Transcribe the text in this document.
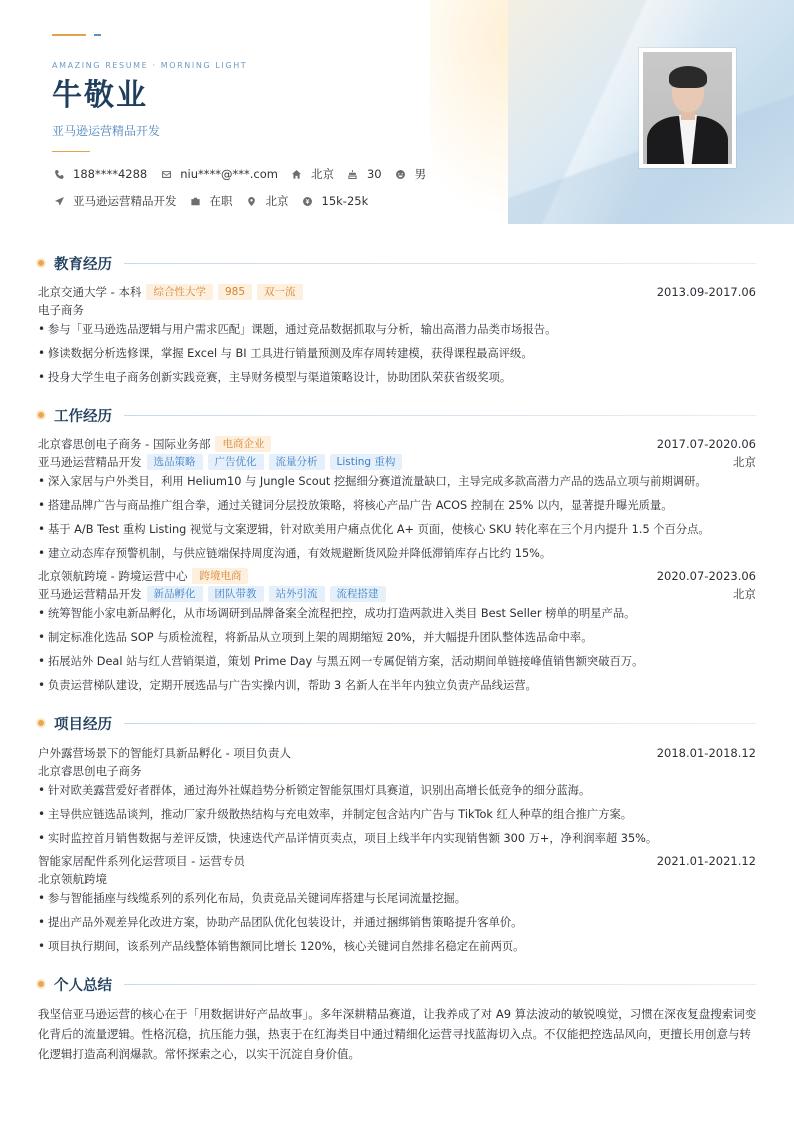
AMAZING RESUME · MORNING LIGHT
牛敬业
亚马逊运营精品开发
188****4288	niu****@***.com	北京	30	男
亚马逊运营精品开发	在职	北京	15k-25k
教育经历
北京交通大学 - 本科	综合性大学	985	双一流	2013.09-2017.06
电子商务
• 参与「亚马逊选品逻辑与用户需求匹配」课题，通过竞品数据抓取与分析，输出高潜力品类市场报告。
• 修读数据分析选修课，掌握 Excel 与 BI 工具进行销量预测及库存周转建模，获得课程最高评级。
• 投身大学生电子商务创新实践竞赛，主导财务模型与渠道策略设计，协助团队荣获省级奖项。
工作经历
北京睿思创电子商务 - 国际业务部	电商企业	2017.07-2020.06
亚马逊运营精品开发	选品策略	广告优化	流量分析	Listing 重构	北京
• 深入家居与户外类目，利用 Helium10 与 Jungle Scout 挖掘细分赛道流量缺口，主导完成多款高潜力产品的选品立项与前期调研。
• 搭建品牌广告与商品推广组合拳，通过关键词分层投放策略，将核心产品广告 ACOS 控制在 25% 以内，显著提升曝光质量。
• 基于 A/B Test 重构 Listing 视觉与文案逻辑，针对欧美用户痛点优化 A+ 页面，使核心 SKU 转化率在三个月内提升 1.5 个百分点。
• 建立动态库存预警机制，与供应链端保持周度沟通，有效规避断货风险并降低滞销库存占比约 15%。
北京领航跨境 - 跨境运营中心	跨境电商	2020.07-2023.06
亚马逊运营精品开发	新品孵化	团队带教	站外引流	流程搭建	北京
• 统筹智能小家电新品孵化，从市场调研到品牌备案全流程把控，成功打造两款进入类目 Best Seller 榜单的明星产品。
• 制定标准化选品 SOP 与质检流程，将新品从立项到上架的周期缩短 20%，并大幅提升团队整体选品命中率。
• 拓展站外 Deal 站与红人营销渠道，策划 Prime Day 与黑五网一专属促销方案，活动期间单链接峰值销售额突破百万。
• 负责运营梯队建设，定期开展选品与广告实操内训，帮助 3 名新人在半年内独立负责产品线运营。
项目经历
户外露营场景下的智能灯具新品孵化 - 项目负责人	2018.01-2018.12
北京睿思创电子商务
• 针对欧美露营爱好者群体，通过海外社媒趋势分析锁定智能氛围灯具赛道，识别出高增长低竞争的细分蓝海。
• 主导供应链选品谈判，推动厂家升级散热结构与充电效率，并制定包含站内广告与 TikTok 红人种草的组合推广方案。
• 实时监控首月销售数据与差评反馈，快速迭代产品详情页卖点，项目上线半年内实现销售额 300 万+，净利润率超 35%。
智能家居配件系列化运营项目 - 运营专员	2021.01-2021.12
北京领航跨境
• 参与智能插座与线缆系列的系列化布局，负责竞品关键词库搭建与长尾词流量挖掘。
• 提出产品外观差异化改进方案，协助产品团队优化包装设计，并通过捆绑销售策略提升客单价。
• 项目执行期间，该系列产品线整体销售额同比增长 120%，核心关键词自然排名稳定在前两页。
个人总结
我坚信亚马逊运营的核心在于「用数据讲好产品故事」。多年深耕精品赛道，让我养成了对 A9 算法波动的敏锐嗅觉，习惯在深夜复盘搜索词变化背后的流量逻辑。性格沉稳，抗压能力强，热衷于在红海类目中通过精细化运营寻找蓝海切入点。不仅能把控选品风向，更擅长用创意与转化逻辑打造高利润爆款。常怀探索之心，以实干沉淀自身价值。
